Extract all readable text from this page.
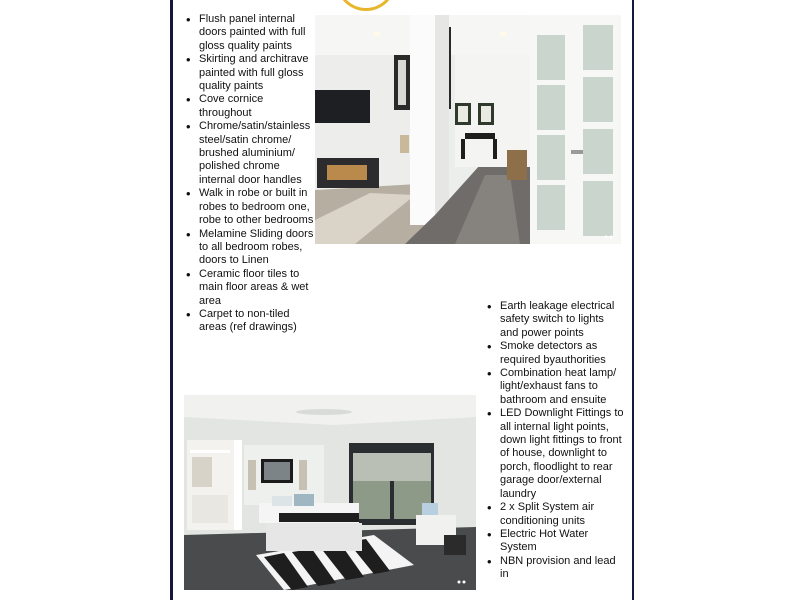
• Flush panel internal doors painted with full gloss quality paints
• Skirting and architrave painted with full gloss quality paints
• Cove cornice throughout
• Chrome/satin/stainless steel/satin chrome/ brushed aluminium/ polished chrome internal door handles
• Walk in robe or built in robes to bedroom one, robe to other bedrooms
• Melamine Sliding doors to all bedroom robes, doors to Linen
• Ceramic floor tiles to main floor areas & wet area
• Carpet to non-tiled areas (ref drawings)
• Earth leakage electrical safety switch to lights and power points
• Smoke detectors as required byauthorities
• Combination heat lamp/ light/exhaust fans to bathroom and ensuite
• LED Downlight Fittings to all internal light points, down light fittings to front of house, downlight to porch, floodlight to rear garage door/external laundry
• 2 x Split System air conditioning units
• Electric Hot Water System
• NBN provision and lead in
